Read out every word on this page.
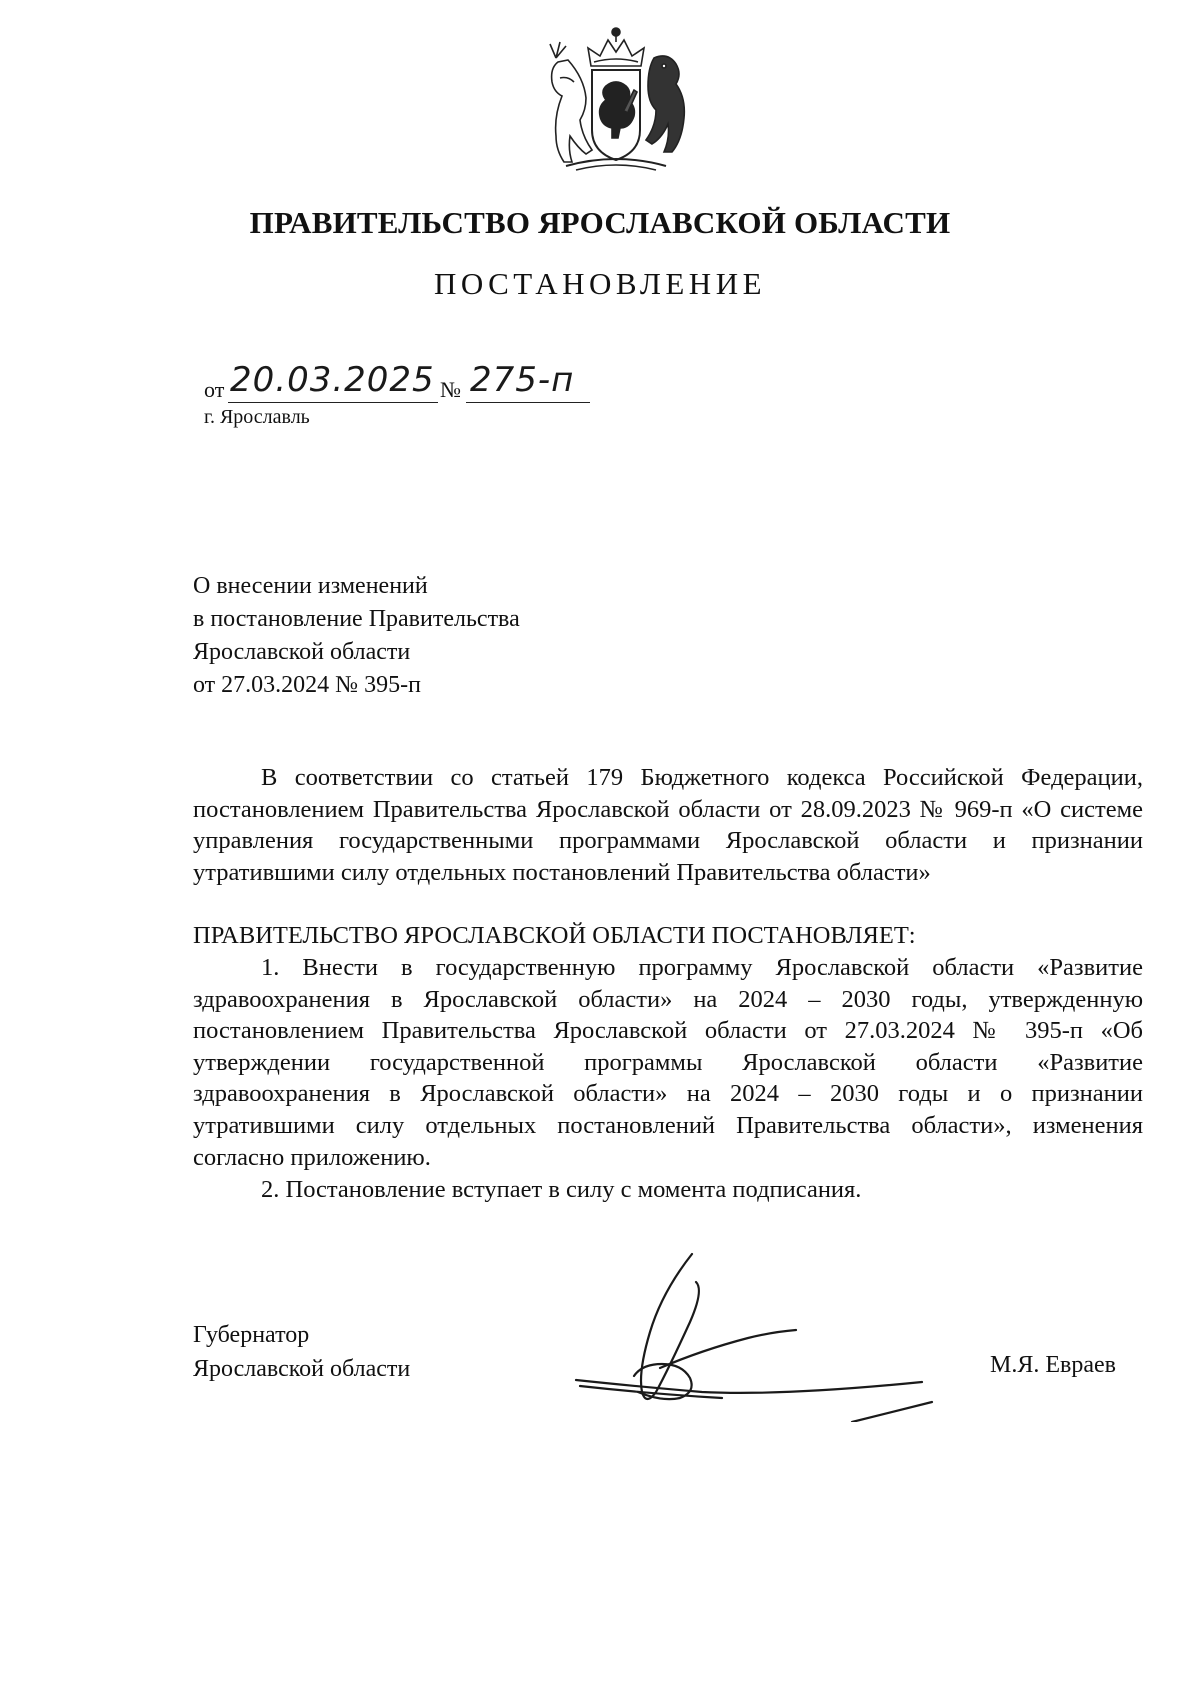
ПРАВИТЕЛЬСТВО ЯРОСЛАВСКОЙ ОБЛАСТИ
ПОСТАНОВЛЕНИЕ
от 20.03.2025 № 275-п
г. Ярославль
О внесении изменений
в постановление Правительства
Ярославской области
от 27.03.2024 № 395-п
В соответствии со статьей 179 Бюджетного кодекса Российской Федерации, постановлением Правительства Ярославской области от 28.09.2023 № 969-п «О системе управления государственными программами Ярославской области и признании утратившими силу отдельных постановлений Правительства области»
ПРАВИТЕЛЬСТВО ЯРОСЛАВСКОЙ ОБЛАСТИ ПОСТАНОВЛЯЕТ:
1. Внести в государственную программу Ярославской области «Развитие здравоохранения в Ярославской области» на 2024 – 2030 годы, утвержденную постановлением Правительства Ярославской области от 27.03.2024 № 395-п «Об утверждении государственной программы Ярославской области «Развитие здравоохранения в Ярославской области» на 2024 – 2030 годы и о признании утратившими силу отдельных постановлений Правительства области», изменения согласно приложению.
2. Постановление вступает в силу с момента подписания.
Губернатор
Ярославской области	М.Я. Евраев
